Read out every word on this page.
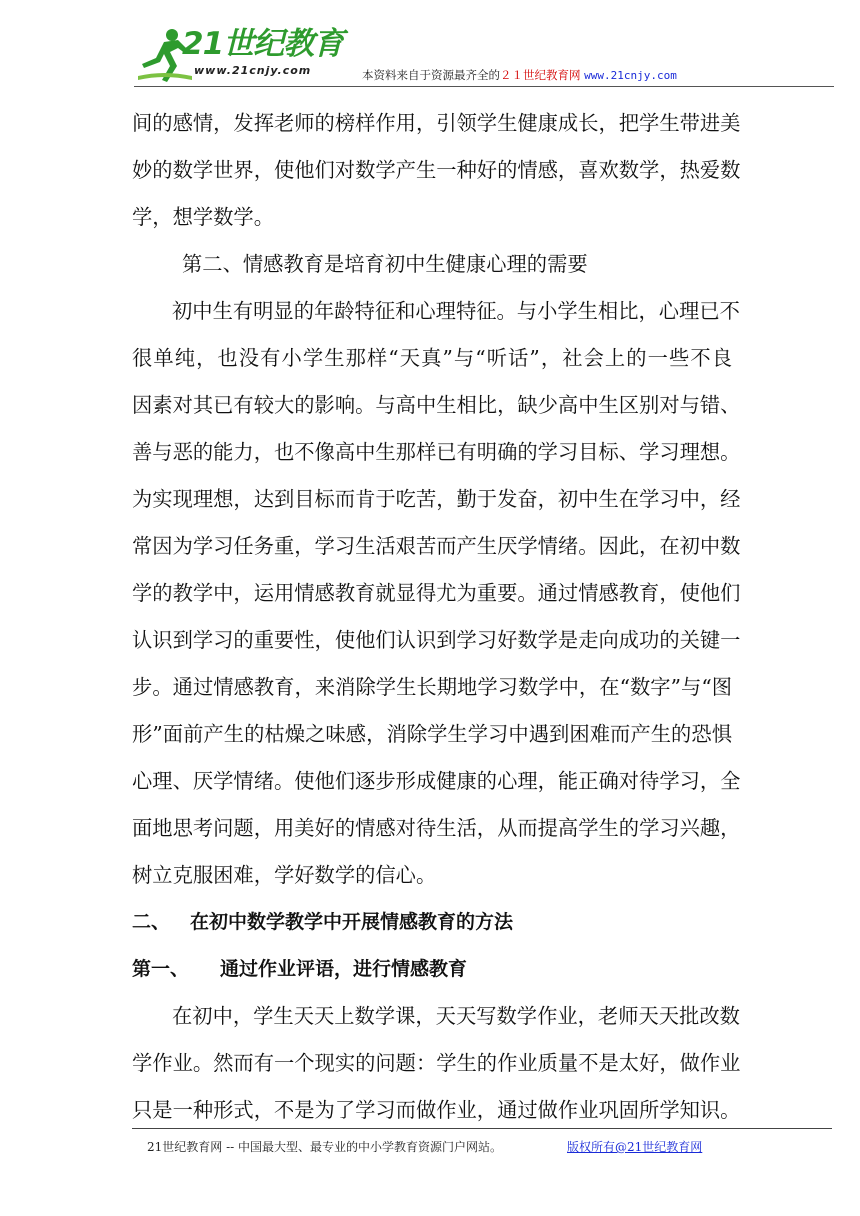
21世纪教育
www.21cnjy.com	本资料来自于资源最齐全的２１世纪教育网 www.21cnjy.com
间的感情，发挥老师的榜样作用，引领学生健康成长，把学生带进美
妙的数学世界，使他们对数学产生一种好的情感，喜欢数学，热爱数
学，想学数学。
第二、情感教育是培育初中生健康心理的需要
初中生有明显的年龄特征和心理特征。与小学生相比，心理已不
很单纯，也没有小学生那样“天真”与“听话”，社会上的一些不良
因素对其已有较大的影响。与高中生相比，缺少高中生区别对与错、
善与恶的能力，也不像高中生那样已有明确的学习目标、学习理想。
为实现理想，达到目标而肯于吃苦，勤于发奋，初中生在学习中，经
常因为学习任务重，学习生活艰苦而产生厌学情绪。因此，在初中数
学的教学中，运用情感教育就显得尤为重要。通过情感教育，使他们
认识到学习的重要性，使他们认识到学习好数学是走向成功的关键一
步。通过情感教育，来消除学生长期地学习数学中，在“数字”与“图
形”面前产生的枯燥之味感，消除学生学习中遇到困难而产生的恐惧
心理、厌学情绪。使他们逐步形成健康的心理，能正确对待学习，全
面地思考问题，用美好的情感对待生活，从而提高学生的学习兴趣，
树立克服困难，学好数学的信心。
二、 在初中数学教学中开展情感教育的方法
第一、 通过作业评语，进行情感教育
在初中，学生天天上数学课，天天写数学作业，老师天天批改数
学作业。然而有一个现实的问题：学生的作业质量不是太好，做作业
只是一种形式，不是为了学习而做作业，通过做作业巩固所学知识。
21世纪教育网 -- 中国最大型、最专业的中小学教育资源门户网站。	版权所有@21世纪教育网
